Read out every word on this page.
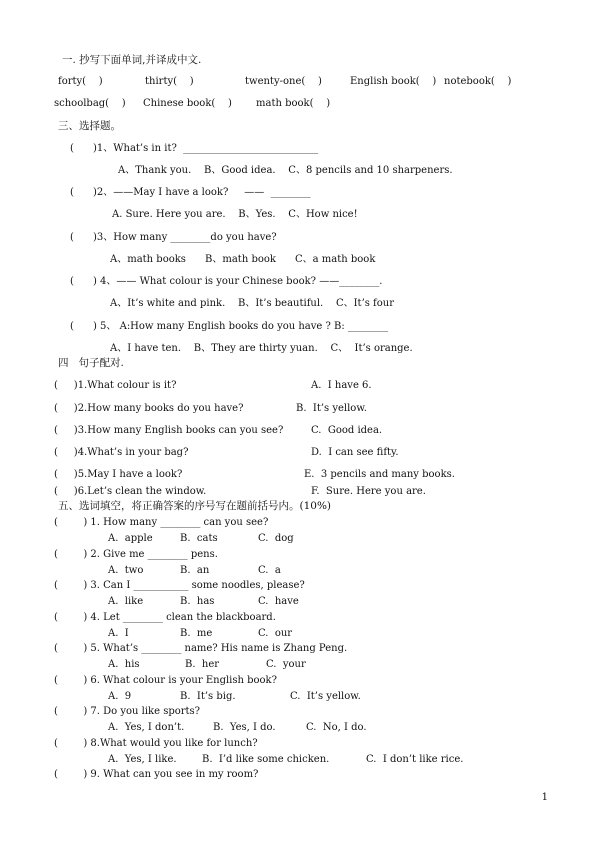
一. 抄写下面单词,并译成中文.
forty(    )	thirty(    )	twenty-one(    )	English book(    ) notebook(    )
schoolbag(    ) Chinese book(    ) math book(    )
三、选择题。
(      )1、What’s in it?  ___________________________
A、Thank you.    B、Good idea.    C、8 pencils and 10 sharpeners.
(      )2、——May I have a look?     ——  ________
A. Sure. Here you are.    B、Yes.    C、How nice!
(      )3、How many ________do you have?
A、math books      B、math book      C、a math book
(      ) 4、—— What colour is your Chinese book? ——________.
A、It’s white and pink.    B、It’s beautiful.    C、It’s four
(      ) 5、 A:How many English books do you have ? B: ________
A、I have ten.    B、They are thirty yuan.    C、  It’s orange.
四   句子配对.
(     )1.What colour is it?	A.  I have 6.
(     )2.How many books do you have?	B.  It’s yellow.
(     )3.How many English books can you see?	C.  Good idea.
(     )4.What’s in your bag?	D.  I can see fifty.
(     )5.May I have a look?	E.  3 pencils and many books.
(     )6.Let’s clean the window.	F.  Sure. Here you are.
五、选词填空，将正确答案的序号写在题前括号内。(10%)
(        ) 1. How many ________ can you see?
A.  apple	B.  cats	C.  dog
(        ) 2. Give me ________ pens.
A.  two	B.  an	C.  a
(        ) 3. Can I ___________ some noodles, please?
A.  like	B.  has	C.  have
(        ) 4. Let ________ clean the blackboard.
A.  I	B.  me	C.  our
(        ) 5. What’s ________ name? His name is Zhang Peng.
A.  his	B.  her	C.  your
(        ) 6. What colour is your English book?
A.  9	B.  It’s big.	C.  It’s yellow.
(        ) 7. Do you like sports?
A.  Yes, I don’t.	B.  Yes, I do.	C.  No, I do.
(        ) 8.What would you like for lunch?
A.  Yes, I like.	B.  I’d like some chicken.	C.  I don’t like rice.
(        ) 9. What can you see in my room?
1
